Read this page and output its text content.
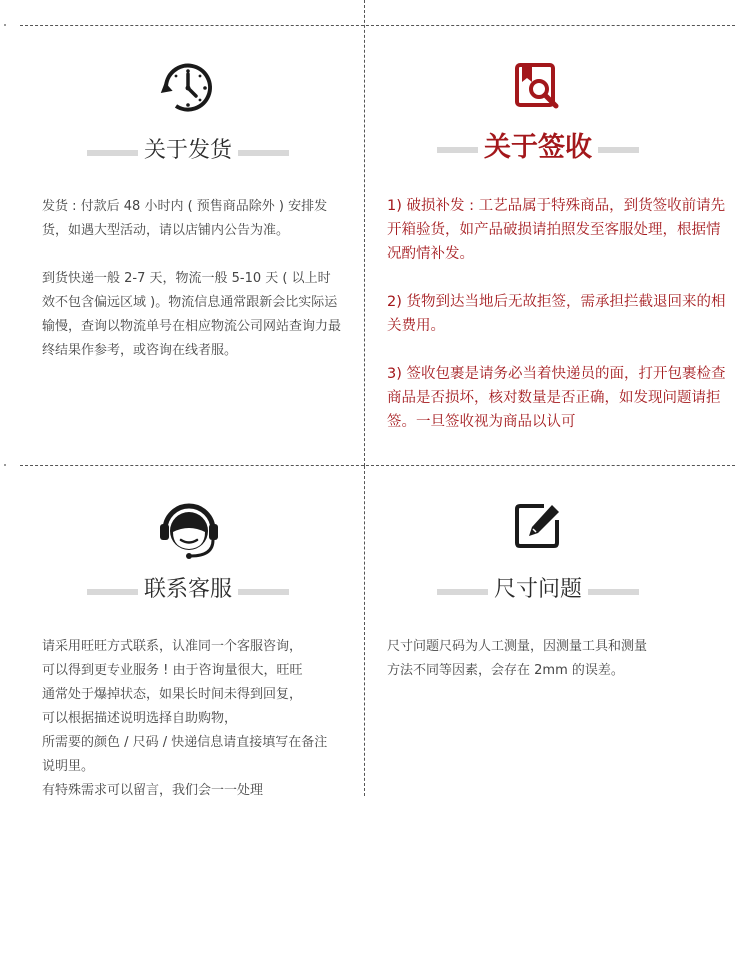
关于发货

发货 : 付款后 48 小时内 ( 预售商品除外 ) 安排发货，如遇大型活动，请以店铺内公告为准。

到货快递一般 2-7 天，物流一般 5-10 天 ( 以上时效不包含偏远区域 )。物流信息通常跟新会比实际运输慢，查询以物流单号在相应物流公司网站查询力最终结果作参考，或咨询在线者服。

关于签收

1) 破损补发 : 工艺品属于特殊商品，到货签收前请先开箱验货，如产品破损请拍照发至客服处理，根据情况酌情补发。

2) 货物到达当地后无故拒签，需承担拦截退回来的相关费用。

3) 签收包裹是请务必当着快递员的面，打开包裹检查商品是否损坏，核对数量是否正确，如发现问题请拒签。一旦签收视为商品以认可

联系客服

请采用旺旺方式联系，认准同一个客服咨询，

可以得到更专业服务 ! 由于咨询量很大，旺旺

通常处于爆掉状态，如果长时间未得到回复，

可以根据描述说明选择自助购物，

所需要的颜色 / 尺码 / 快递信息请直接填写在备注说明里。

有特殊需求可以留言，我们会一一处理

尺寸问题

尺寸问题尺码为人工测量，因测量工具和测量

方法不同等因素，会存在 2mm 的误差。
